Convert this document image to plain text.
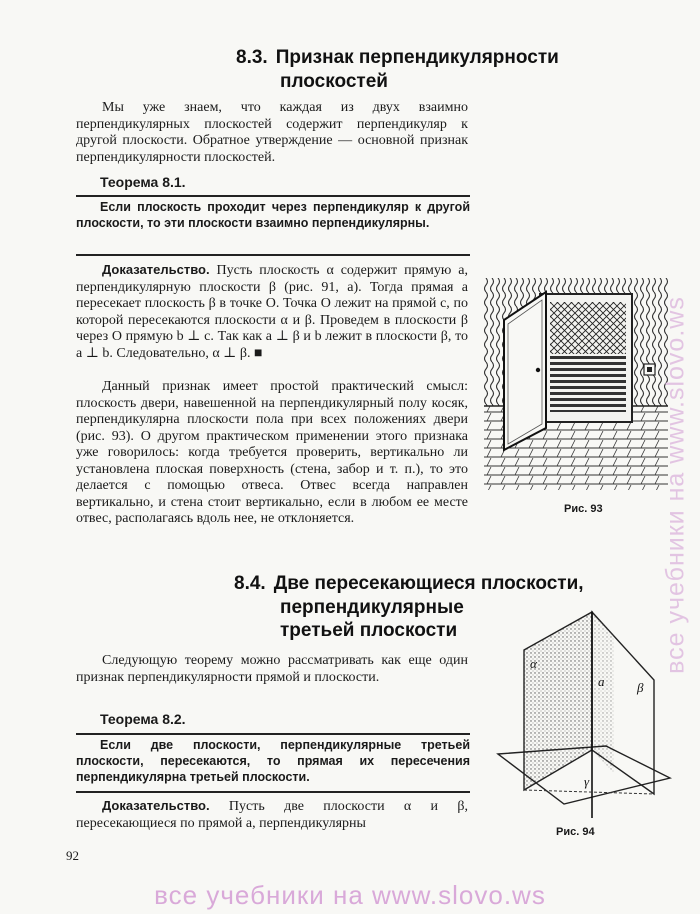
8.3. Признак перпендикулярности
плоскостей

Мы уже знаем, что каждая из двух взаимно перпендикулярных плоскостей содержит перпендикуляр к другой плоскости. Обратное утверждение — основной признак перпендикулярности плоскостей.

Теорема 8.1.

Если плоскость проходит через перпендикуляр к другой плоскости, то эти плоскости взаимно перпендикулярны.

Доказательство. Пусть плоскость α содержит прямую a, перпендикулярную плоскости β (рис. 91, a). Тогда прямая a пересекает плоскость β в точке O. Точка O лежит на прямой c, по которой пересекаются плоскости α и β. Проведем в плоскости β через O прямую b ⊥ c. Так как a ⊥ β и b лежит в плоскости β, то a ⊥ b. Следовательно, α ⊥ β. ■

Данный признак имеет простой практический смысл: плоскость двери, навешенной на перпендикулярный полу косяк, перпендикулярна плоскости пола при всех положениях двери (рис. 93). О другом практическом применении этого признака уже говорилось: когда требуется проверить, вертикально ли установлена плоская поверхность (стена, забор и т. п.), то это делается с помощью отвеса. Отвес всегда направлен вертикально, и стена стоит вертикально, если в любом ее месте отвес, располагаясь вдоль нее, не отклоняется.

Рис. 93

8.4. Две пересекающиеся плоскости,
перпендикулярные
третьей плоскости

Следующую теорему можно рассматривать как еще один признак перпендикулярности прямой и плоскости.

Теорема 8.2.

Если две плоскости, перпендикулярные третьей плоскости, пересекаются, то прямая их пересечения перпендикулярна третьей плоскости.

Доказательство. Пусть две плоскости α и β, пересекающиеся по прямой a, перпендикулярны

α
β
γ
a

Рис. 94

92

все учебники на www.slovo.ws

все учебники на www.slovo.ws
